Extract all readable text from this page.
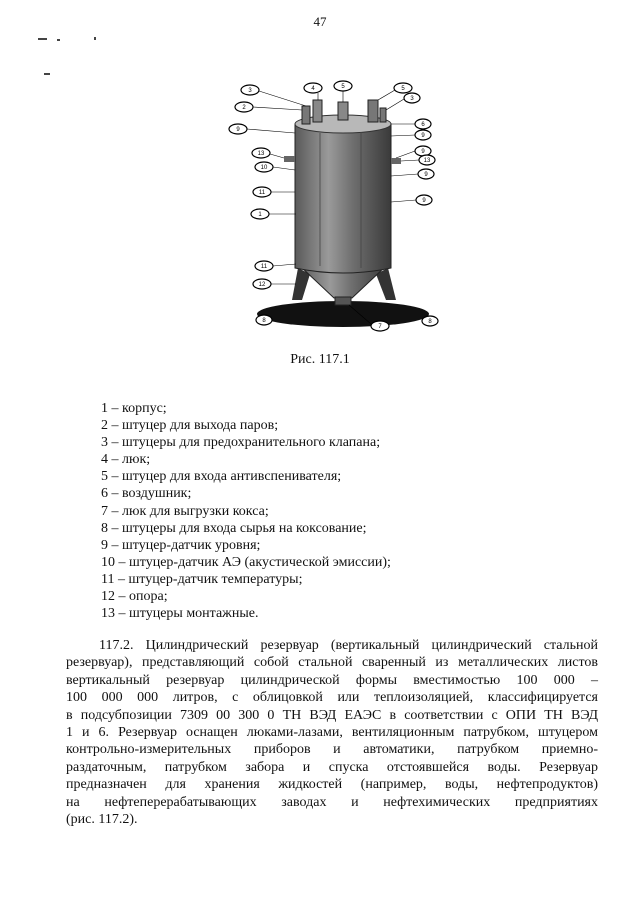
47
3	4	5	5
2
3
6
9
9
9
13
13
10
9
11
9
1
11
12
8
7
8
Рис. 117.1
1 – корпус;
2 – штуцер для выхода паров;
3 – штуцеры для предохранительного клапана;
4 – люк;
5 – штуцер для входа антивспенивателя;
6 – воздушник;
7 – люк для выгрузки кокса;
8 – штуцеры для входа сырья на коксование;
9 – штуцер-датчик уровня;
10 – штуцер-датчик АЭ (акустической эмиссии);
11 – штуцер-датчик температуры;
12 – опора;
13 – штуцеры монтажные.
117.2. Цилиндрический резервуар (вертикальный цилиндрический стальной
резервуар), представляющий собой стальной сваренный из металлических листов
вертикальный резервуар цилиндрической формы вместимостью 100 000 –
100 000 000 литров, с облицовкой или теплоизоляцией, классифицируется
в подсубпозиции 7309 00 300 0 ТН ВЭД ЕАЭС в соответствии с ОПИ ТН ВЭД
1 и 6. Резервуар оснащен люками-лазами, вентиляционным патрубком, штуцером
контрольно-измерительных приборов и автоматики, патрубком приемно-
раздаточным, патрубком забора и спуска отстоявшейся воды. Резервуар
предназначен для хранения жидкостей (например, воды, нефтепродуктов)
на нефтеперерабатывающих заводах и нефтехимических предприятиях
(рис. 117.2).
